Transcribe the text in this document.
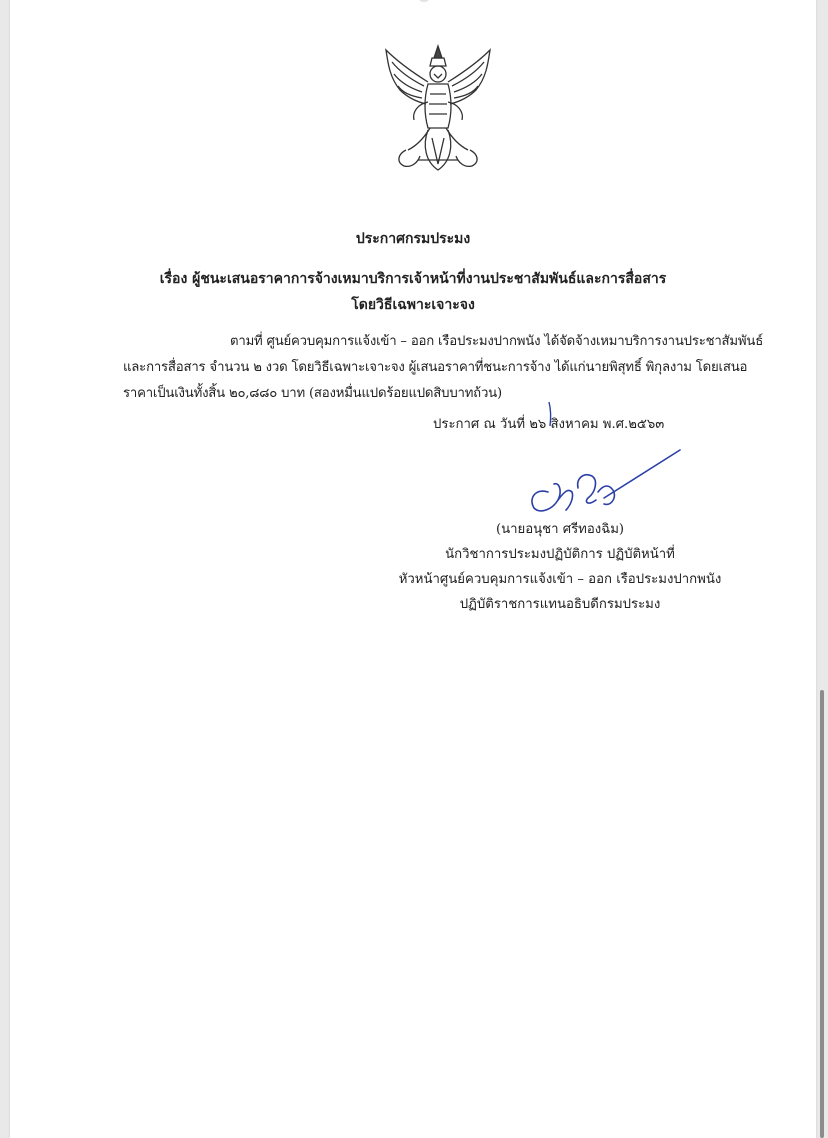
ประกาศกรมประมง
เรื่อง ผู้ชนะเสนอราคาการจ้างเหมาบริการเจ้าหน้าที่งานประชาสัมพันธ์และการสื่อสาร
โดยวิธีเฉพาะเจาะจง
ตามที่ ศูนย์ควบคุมการแจ้งเข้า – ออก เรือประมงปากพนัง ได้จัดจ้างเหมาบริการงานประชาสัมพันธ์
และการสื่อสาร จำนวน ๒ งวด โดยวิธีเฉพาะเจาะจง ผู้เสนอราคาที่ชนะการจ้าง ได้แก่นายพิสุทธิ์ พิกุลงาม โดยเสนอ
ราคาเป็นเงินทั้งสิ้น ๒๐,๘๘๐ บาท (สองหมื่นแปดร้อยแปดสิบบาทถ้วน)
ประกาศ ณ วันที่ ๒๖ สิงหาคม พ.ศ.๒๕๖๓
(นายอนุชา ศรีทองฉิม)
นักวิชาการประมงปฏิบัติการ ปฏิบัติหน้าที่
หัวหน้าศูนย์ควบคุมการแจ้งเข้า – ออก เรือประมงปากพนัง
ปฏิบัติราชการแทนอธิบดีกรมประมง
